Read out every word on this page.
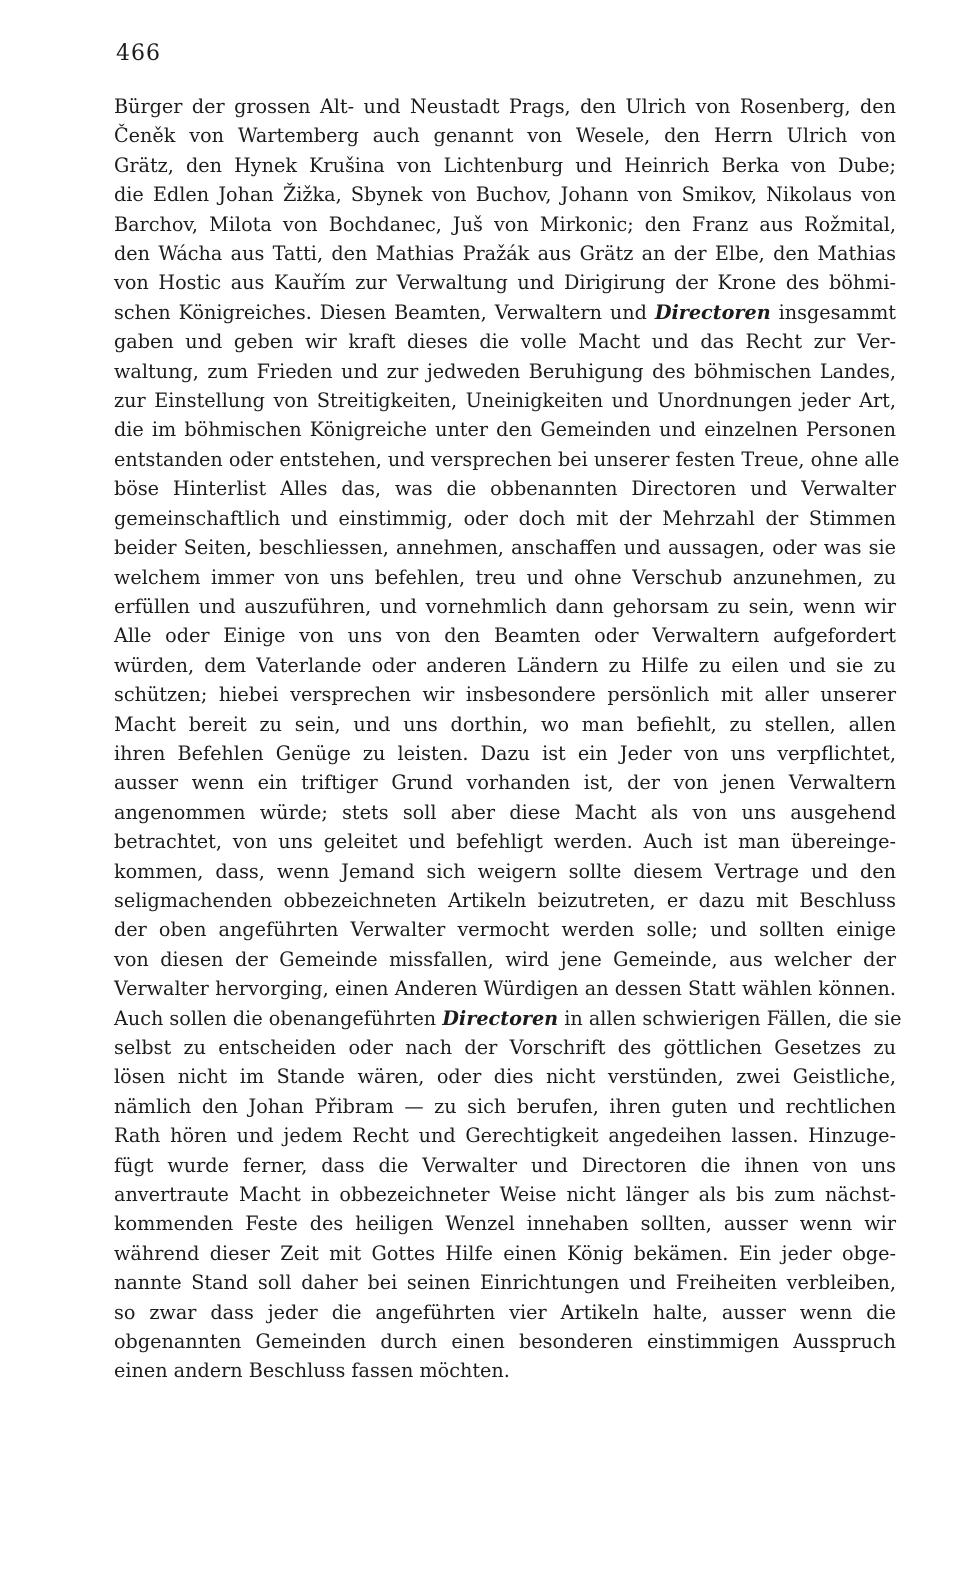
466
Bürger der grossen Alt- und Neustadt Prags, den Ulrich von Rosenberg, den
Čeněk von Wartemberg auch genannt von Wesele, den Herrn Ulrich von
Grätz, den Hynek Krušina von Lichtenburg und Heinrich Berka von Dube;
die Edlen Johan Žižka, Sbynek von Buchov, Johann von Smikov, Nikolaus von
Barchov, Milota von Bochdanec, Juš von Mirkonic; den Franz aus Rožmital,
den Wácha aus Tatti, den Mathias Pražák aus Grätz an der Elbe, den Mathias
von Hostic aus Kauřím zur Verwaltung und Dirigirung der Krone des böhmi-
schen Königreiches. Diesen Beamten, Verwaltern und Directoren insgesammt
gaben und geben wir kraft dieses die volle Macht und das Recht zur Ver-
waltung, zum Frieden und zur jedweden Beruhigung des böhmischen Landes,
zur Einstellung von Streitigkeiten, Uneinigkeiten und Unordnungen jeder Art,
die im böhmischen Königreiche unter den Gemeinden und einzelnen Personen
entstanden oder entstehen, und versprechen bei unserer festen Treue, ohne alle
böse Hinterlist Alles das, was die obbenannten Directoren und Verwalter
gemeinschaftlich und einstimmig, oder doch mit der Mehrzahl der Stimmen
beider Seiten, beschliessen, annehmen, anschaffen und aussagen, oder was sie
welchem immer von uns befehlen, treu und ohne Verschub anzunehmen, zu
erfüllen und auszuführen, und vornehmlich dann gehorsam zu sein, wenn wir
Alle oder Einige von uns von den Beamten oder Verwaltern aufgefordert
würden, dem Vaterlande oder anderen Ländern zu Hilfe zu eilen und sie zu
schützen; hiebei versprechen wir insbesondere persönlich mit aller unserer
Macht bereit zu sein, und uns dorthin, wo man befiehlt, zu stellen, allen
ihren Befehlen Genüge zu leisten. Dazu ist ein Jeder von uns verpflichtet,
ausser wenn ein triftiger Grund vorhanden ist, der von jenen Verwaltern
angenommen würde; stets soll aber diese Macht als von uns ausgehend
betrachtet, von uns geleitet und befehligt werden. Auch ist man übereinge-
kommen, dass, wenn Jemand sich weigern sollte diesem Vertrage und den
seligmachenden obbezeichneten Artikeln beizutreten, er dazu mit Beschluss
der oben angeführten Verwalter vermocht werden solle; und sollten einige
von diesen der Gemeinde missfallen, wird jene Gemeinde, aus welcher der
Verwalter hervorging, einen Anderen Würdigen an dessen Statt wählen können.
Auch sollen die obenangeführten Directoren in allen schwierigen Fällen, die sie
selbst zu entscheiden oder nach der Vorschrift des göttlichen Gesetzes zu
lösen nicht im Stande wären, oder dies nicht verstünden, zwei Geistliche,
nämlich den Johan Přibram — zu sich berufen, ihren guten und rechtlichen
Rath hören und jedem Recht und Gerechtigkeit angedeihen lassen. Hinzuge-
fügt wurde ferner, dass die Verwalter und Directoren die ihnen von uns
anvertraute Macht in obbezeichneter Weise nicht länger als bis zum nächst-
kommenden Feste des heiligen Wenzel innehaben sollten, ausser wenn wir
während dieser Zeit mit Gottes Hilfe einen König bekämen. Ein jeder obge-
nannte Stand soll daher bei seinen Einrichtungen und Freiheiten verbleiben,
so zwar dass jeder die angeführten vier Artikeln halte, ausser wenn die
obgenannten Gemeinden durch einen besonderen einstimmigen Ausspruch
einen andern Beschluss fassen möchten.
